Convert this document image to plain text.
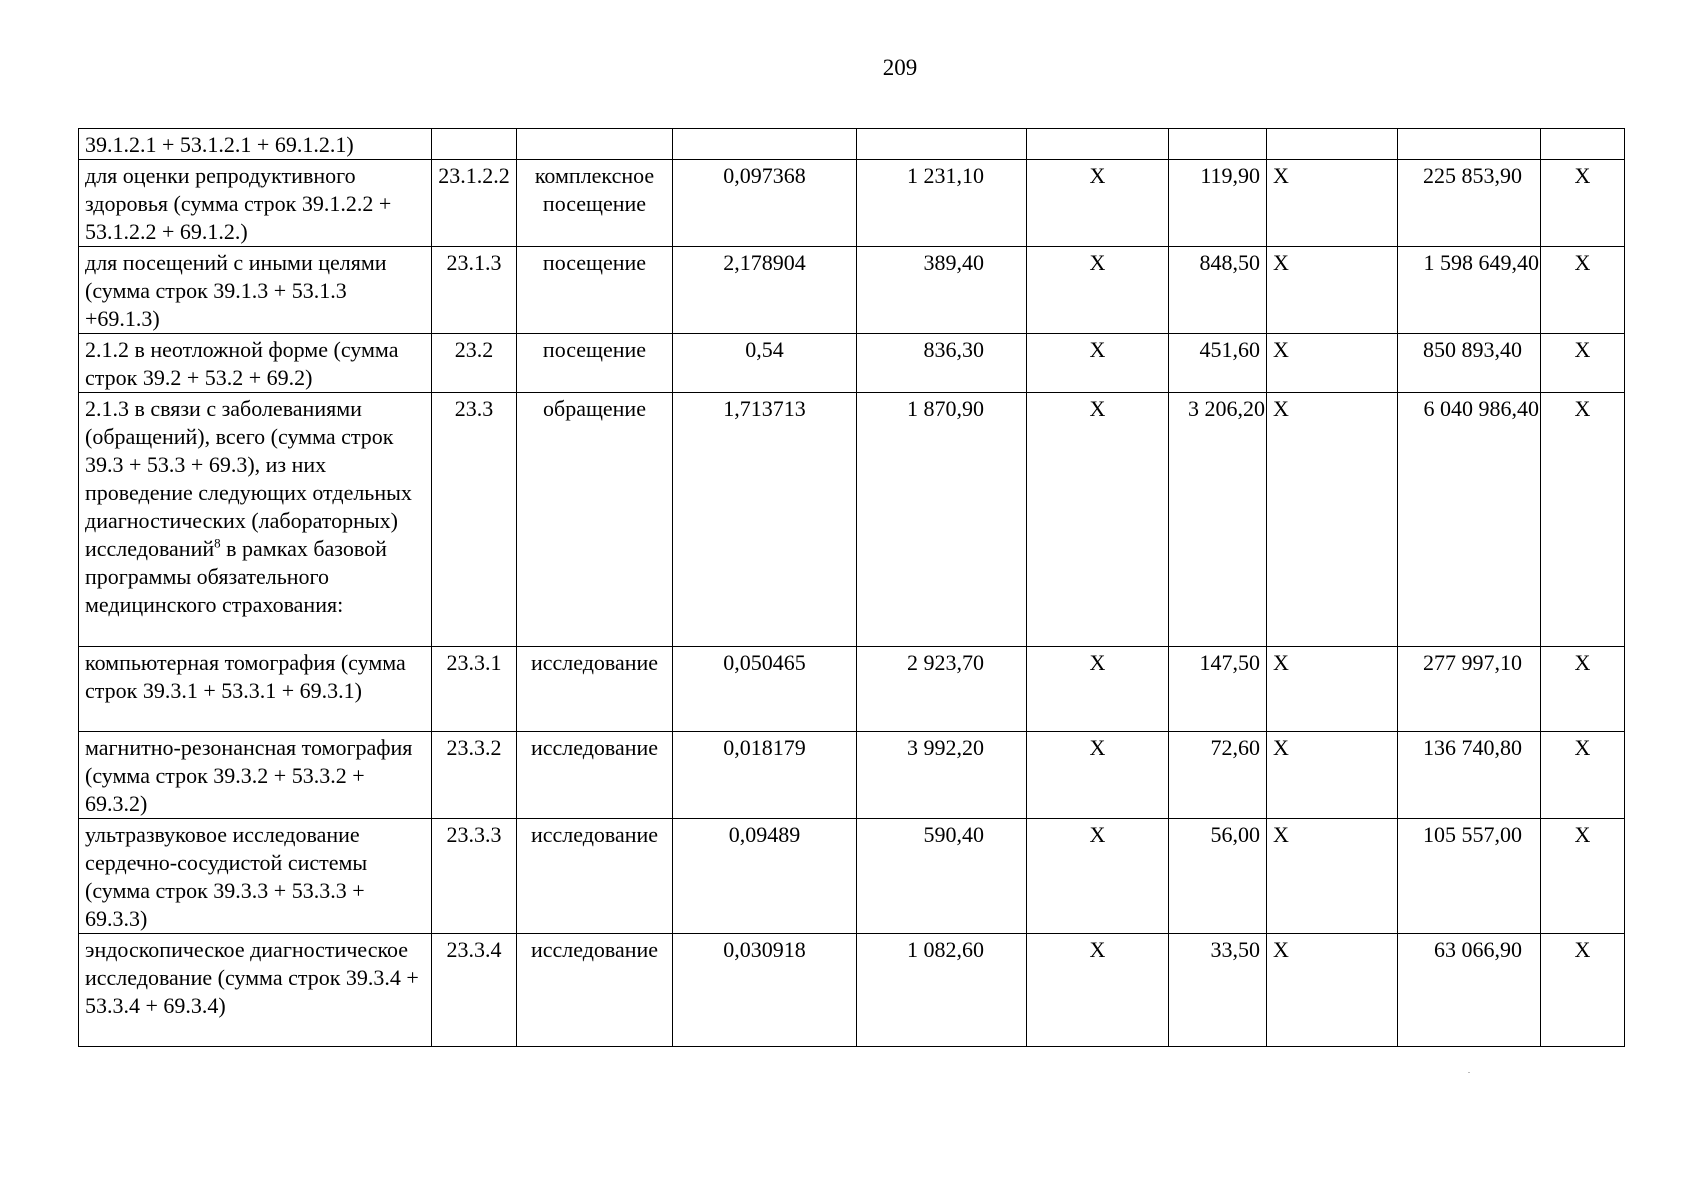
209
39.1.2.1 + 53.1.2.1 + 69.1.2.1)									
для оценки репродуктивного здоровья (сумма строк 39.1.2.2 + 53.1.2.2 + 69.1.2.)	23.1.2.2	комплексное посещение	0,097368	1 231,10	X	119,90	X	225 853,90	X
для посещений с иными целями (сумма строк 39.1.3 + 53.1.3 +69.1.3)	23.1.3	посещение	2,178904	389,40	X	848,50	X	1 598 649,40	X
2.1.2 в неотложной форме (сумма строк 39.2 + 53.2 + 69.2)	23.2	посещение	0,54	836,30	X	451,60	X	850 893,40	X
2.1.3 в связи с заболеваниями (обращений), всего (сумма строк 39.3 + 53.3 + 69.3), из них проведение следующих отдельных диагностических (лабораторных) исследований$^8$ в рамках базовой программы обязательного медицинского страхования:	23.3	обращение	1,713713	1 870,90	X	3 206,20	X	6 040 986,40	X
компьютерная томография (сумма строк 39.3.1 + 53.3.1 + 69.3.1)	23.3.1	исследование	0,050465	2 923,70	X	147,50	X	277 997,10	X
магнитно-резонансная томография (сумма строк 39.3.2 + 53.3.2 + 69.3.2)	23.3.2	исследование	0,018179	3 992,20	X	72,60	X	136 740,80	X
ультразвуковое исследование сердечно-сосудистой системы (сумма строк 39.3.3 + 53.3.3 + 69.3.3)	23.3.3	исследование	0,09489	590,40	X	56,00	X	105 557,00	X
эндоскопическое диагностическое исследование (сумма строк 39.3.4 + 53.3.4 + 69.3.4)	23.3.4	исследование	0,030918	1 082,60	X	33,50	X	63 066,90	X
